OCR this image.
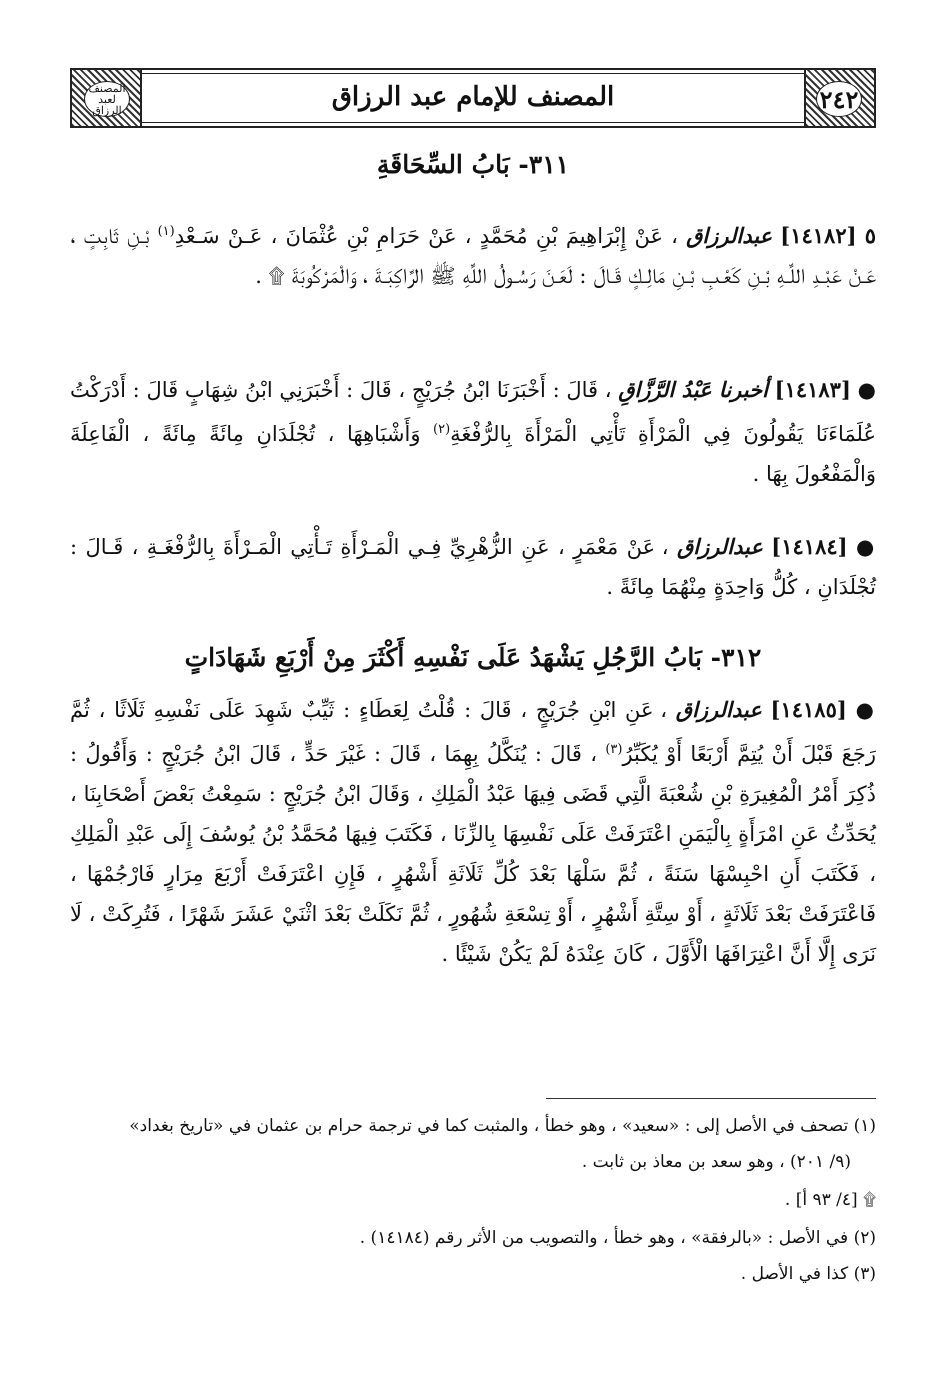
٢٤٢
المصنف للإمام عبد الرزاق
المصنف لعبد الرزاق
٣١١- بَابُ السِّحَاقَةِ
٥ [١٤١٨٢] عبدالرزاق ، عَنْ إِبْرَاهِيمَ بْنِ مُحَمَّدٍ ، عَنْ حَرَامِ بْنِ عُثْمَانَ ، عَـنْ سَـعْدِ$^{(١)}$ بْـنِ ثَابِتٍ ، عَـنْ عَبْـدِ اللَّـهِ بْـنِ كَعْـبِ بْـنِ مَالِـكٍ قَـالَ : لَعَـنَ رَسُـولُ اللَّهِ ﷺ الرَّاكِبَـةَ ، وَالْمَرْكُوبَةَ ۩ .
● [١٤١٨٣] أخبرنا عَبْدُ الرَّزَّاقِ ، قَالَ : أَخْبَرَنَا ابْنُ جُرَيْجٍ ، قَالَ : أَخْبَرَنِي ابْنُ شِهَابٍ قَالَ : أَدْرَكْتُ عُلَمَاءَنَا يَقُولُونَ فِي الْمَرْأَةِ تَأْتِي الْمَرْأَةَ بِالرُّفْغَةِ$^{(٢)}$ وَأَشْبَاهِهَا ، تُجْلَدَانِ مِائَةً مِائَةً ، الْفَاعِلَةَ وَالْمَفْعُولَ بِهَا .
● [١٤١٨٤] عبدالرزاق ، عَنْ مَعْمَرٍ ، عَنِ الزُّهْرِيِّ فِـي الْمَـرْأَةِ تَـأْتِي الْمَـرْأَةَ بِالرُّفْغَـةِ ، قَـالَ : تُجْلَدَانِ ، كُلُّ وَاحِدَةٍ مِنْهُمَا مِائَةً .
٣١٢- بَابُ الرَّجُلِ يَشْهَدُ عَلَى نَفْسِهِ أَكْثَرَ مِنْ أَرْبَعِ شَهَادَاتٍ
● [١٤١٨٥] عبدالرزاق ، عَنِ ابْنِ جُرَيْجٍ ، قَالَ : قُلْتُ لِعَطَاءٍ : ثَيِّبٌ شَهِدَ عَلَى نَفْسِهِ ثَلَاثًا ، ثُمَّ رَجَعَ قَبْلَ أَنْ يُتِمَّ أَرْبَعًا أَوْ يُكَبِّرُ$^{(٣)}$ ، قَالَ : يُنَكَّلُ بِهِمَا ، قَالَ : غَيْرَ حَدٍّ ، قَالَ ابْنُ جُرَيْجٍ : وَأَقُولُ : ذُكِرَ أَمْرُ الْمُغِيرَةِ بْنِ شُعْبَةَ الَّتِي قَضَى فِيهَا عَبْدُ الْمَلِكِ ، وَقَالَ ابْنُ جُرَيْجٍ : سَمِعْتُ بَعْضَ أَصْحَابِنَا ، يُحَدِّثُ عَنِ امْرَأَةٍ بِالْيَمَنِ اعْتَرَفَتْ عَلَى نَفْسِهَا بِالزِّنَا ، فَكَتَبَ فِيهَا مُحَمَّدُ بْنُ يُوسُفَ إِلَى عَبْدِ الْمَلِكِ ، فَكَتَبَ أَنِ احْبِسْهَا سَنَةً ، ثُمَّ سَلْهَا بَعْدَ كُلِّ ثَلَاثَةِ أَشْهُرٍ ، فَإِنِ اعْتَرَفَتْ أَرْبَعَ مِرَارٍ فَارْجُمْهَا ، فَاعْتَرَفَتْ بَعْدَ ثَلَاثَةٍ ، أَوْ سِتَّةِ أَشْهُرٍ ، أَوْ تِسْعَةِ شُهُورٍ ، ثُمَّ نَكَلَتْ بَعْدَ اثْنَيْ عَشَرَ شَهْرًا ، فَتُرِكَتْ ، لَا نَرَى إِلَّا أَنَّ اعْتِرَافَهَا الْأَوَّلَ ، كَانَ عِنْدَهُ لَمْ يَكُنْ شَيْئًا .
(١) تصحف في الأصل إلى : «سعيد» ، وهو خطأ ، والمثبت كما في ترجمة حرام بن عثمان في «تاريخ بغداد»
(٩/ ٢٠١) ، وهو سعد بن معاذ بن ثابت .
۩ [٤/ ٩٣ أ] .
(٢) في الأصل : «بالرفقة» ، وهو خطأ ، والتصويب من الأثر رقم (١٤١٨٤) .
(٣) كذا في الأصل .
